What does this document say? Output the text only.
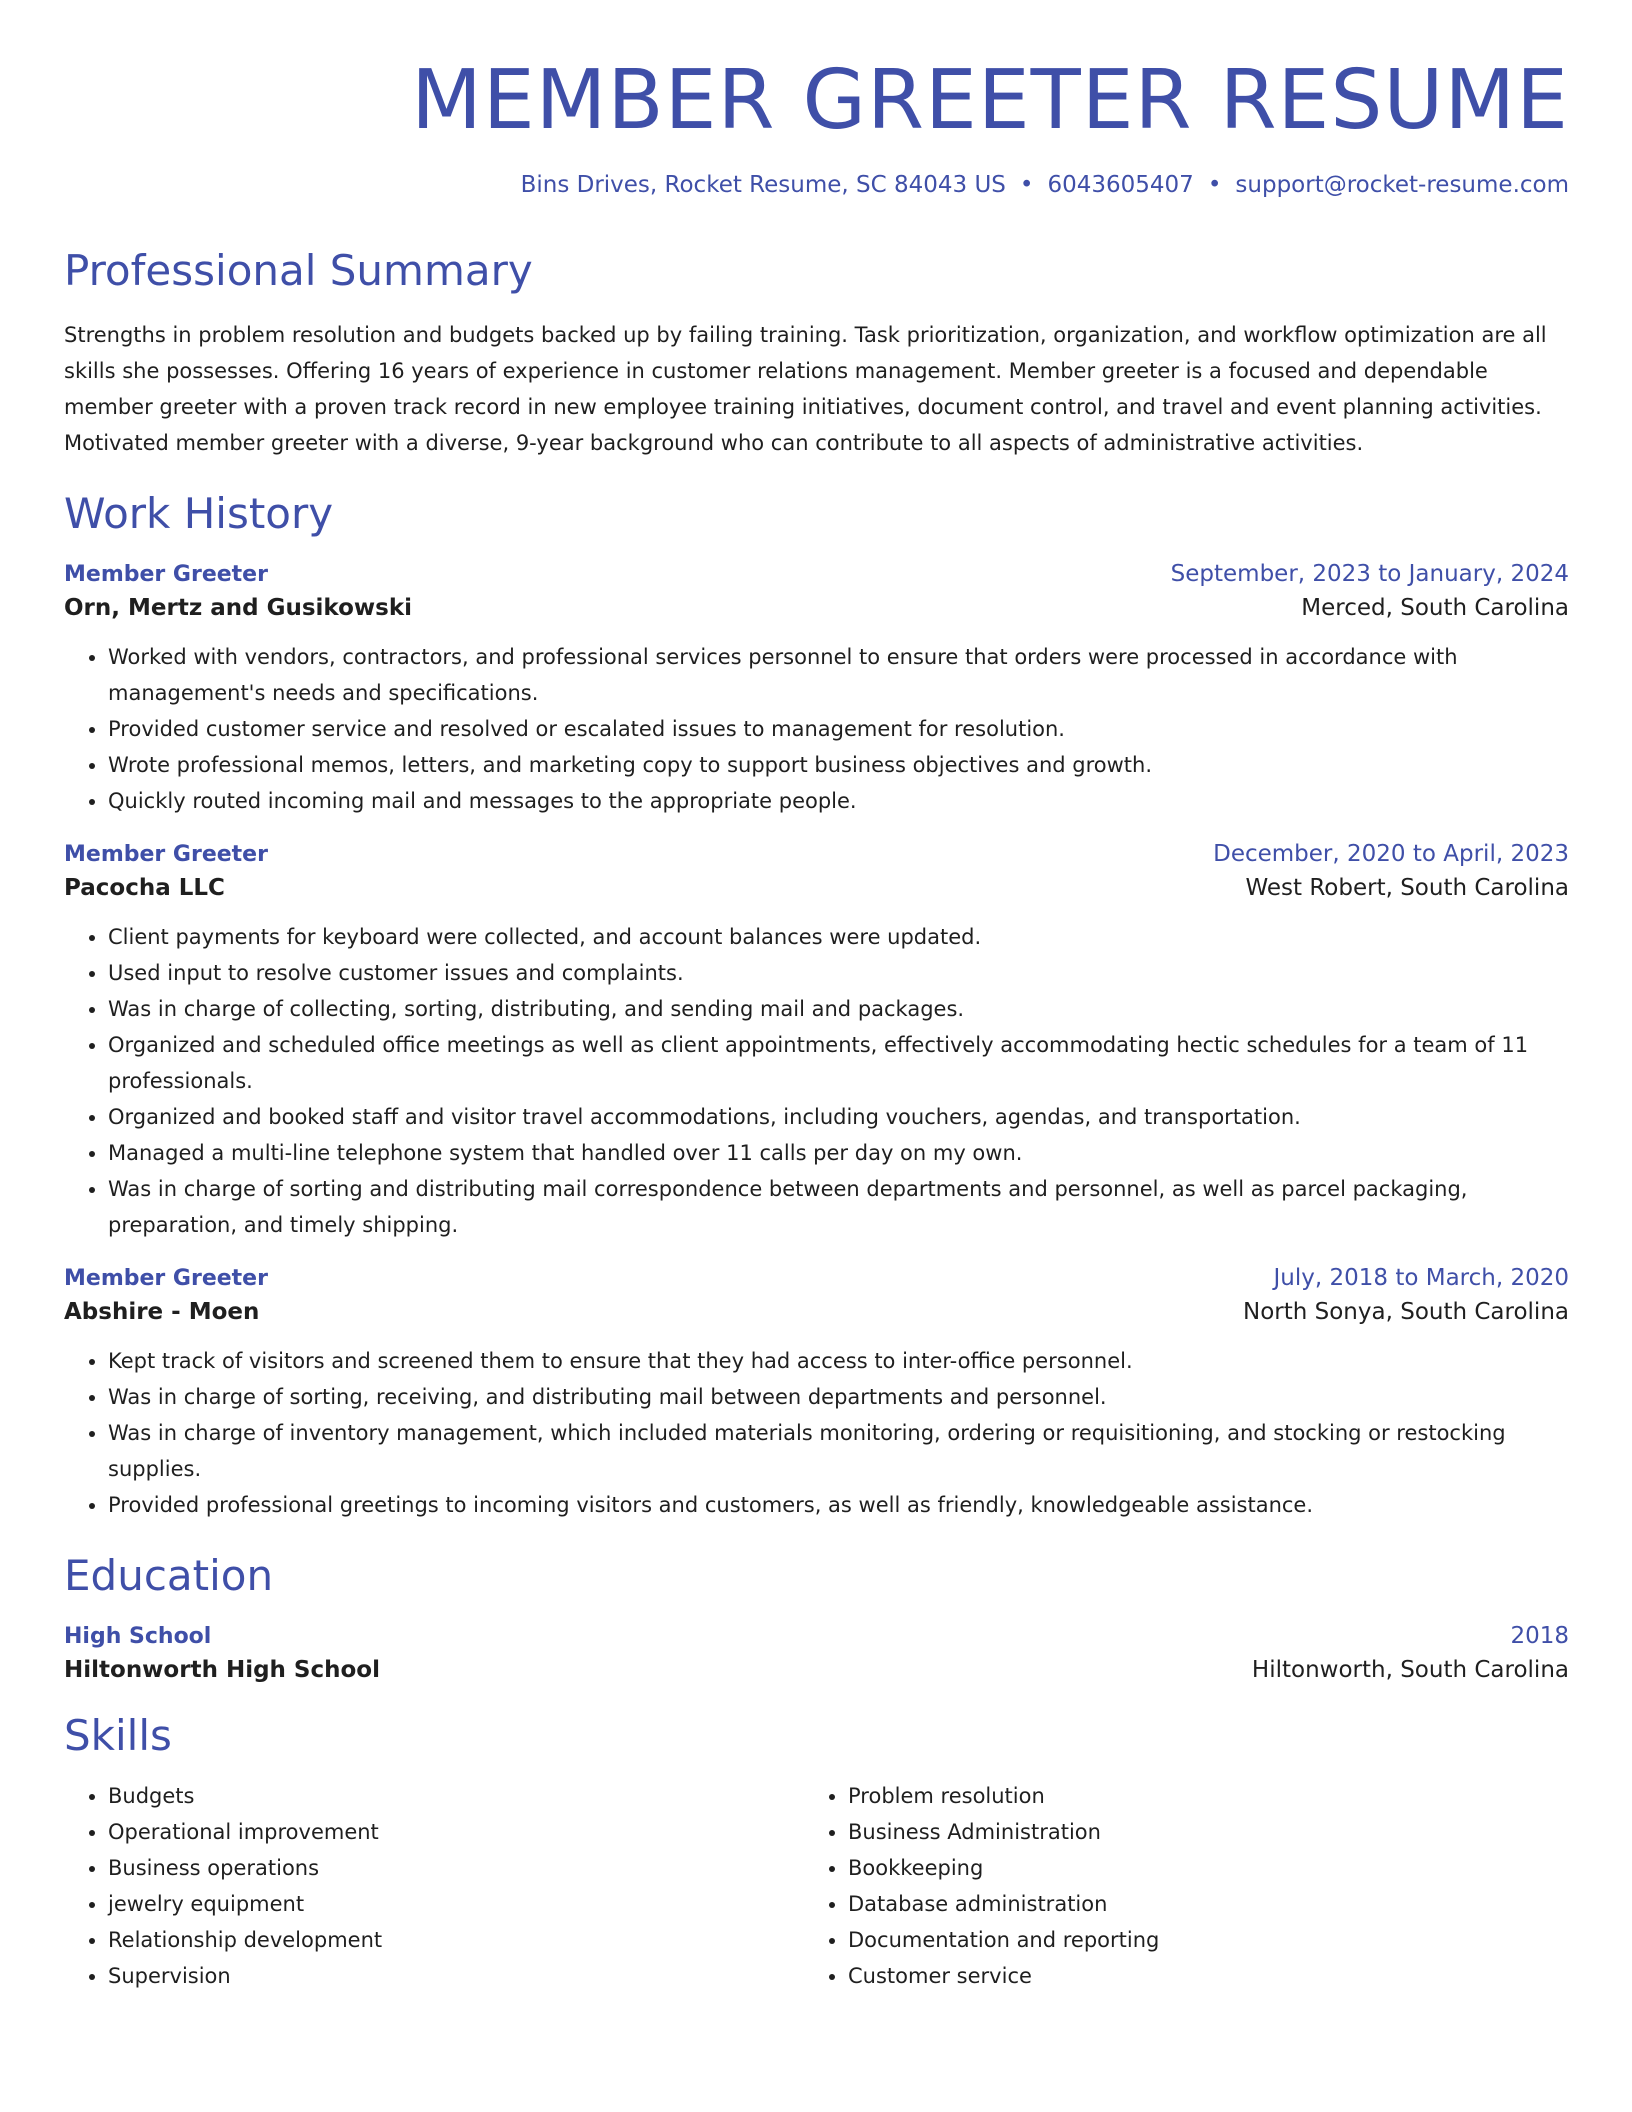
MEMBER GREETER RESUME
Bins Drives, Rocket Resume, SC 84043 US • 6043605407 • support@rocket-resume.com
Professional Summary

Strengths in problem resolution and budgets backed up by failing training. Task prioritization, organization, and workflow optimization are all skills she possesses. Offering 16 years of experience in customer relations management. Member greeter is a focused and dependable member greeter with a proven track record in new employee training initiatives, document control, and travel and event planning activities. Motivated member greeter with a diverse, 9-year background who can contribute to all aspects of administrative activities.

Work History
Member Greeter	September, 2023 to January, 2024
Orn, Mertz and Gusikowski	Merced, South Carolina
• Worked with vendors, contractors, and professional services personnel to ensure that orders were processed in accordance with management's needs and specifications.
• Provided customer service and resolved or escalated issues to management for resolution.
• Wrote professional memos, letters, and marketing copy to support business objectives and growth.
• Quickly routed incoming mail and messages to the appropriate people.
Member Greeter	December, 2020 to April, 2023
Pacocha LLC	West Robert, South Carolina
• Client payments for keyboard were collected, and account balances were updated.
• Used input to resolve customer issues and complaints.
• Was in charge of collecting, sorting, distributing, and sending mail and packages.
• Organized and scheduled office meetings as well as client appointments, effectively accommodating hectic schedules for a team of 11 professionals.
• Organized and booked staff and visitor travel accommodations, including vouchers, agendas, and transportation.
• Managed a multi-line telephone system that handled over 11 calls per day on my own.
• Was in charge of sorting and distributing mail correspondence between departments and personnel, as well as parcel packaging, preparation, and timely shipping.
Member Greeter	July, 2018 to March, 2020
Abshire - Moen	North Sonya, South Carolina
• Kept track of visitors and screened them to ensure that they had access to inter-office personnel.
• Was in charge of sorting, receiving, and distributing mail between departments and personnel.
• Was in charge of inventory management, which included materials monitoring, ordering or requisitioning, and stocking or restocking supplies.
• Provided professional greetings to incoming visitors and customers, as well as friendly, knowledgeable assistance.
Education
High School	2018
Hiltonworth High School	Hiltonworth, South Carolina
Skills
• Budgets
• Operational improvement
• Business operations
• jewelry equipment
• Relationship development
• Supervision
• Problem resolution
• Business Administration
• Bookkeeping
• Database administration
• Documentation and reporting
• Customer service
